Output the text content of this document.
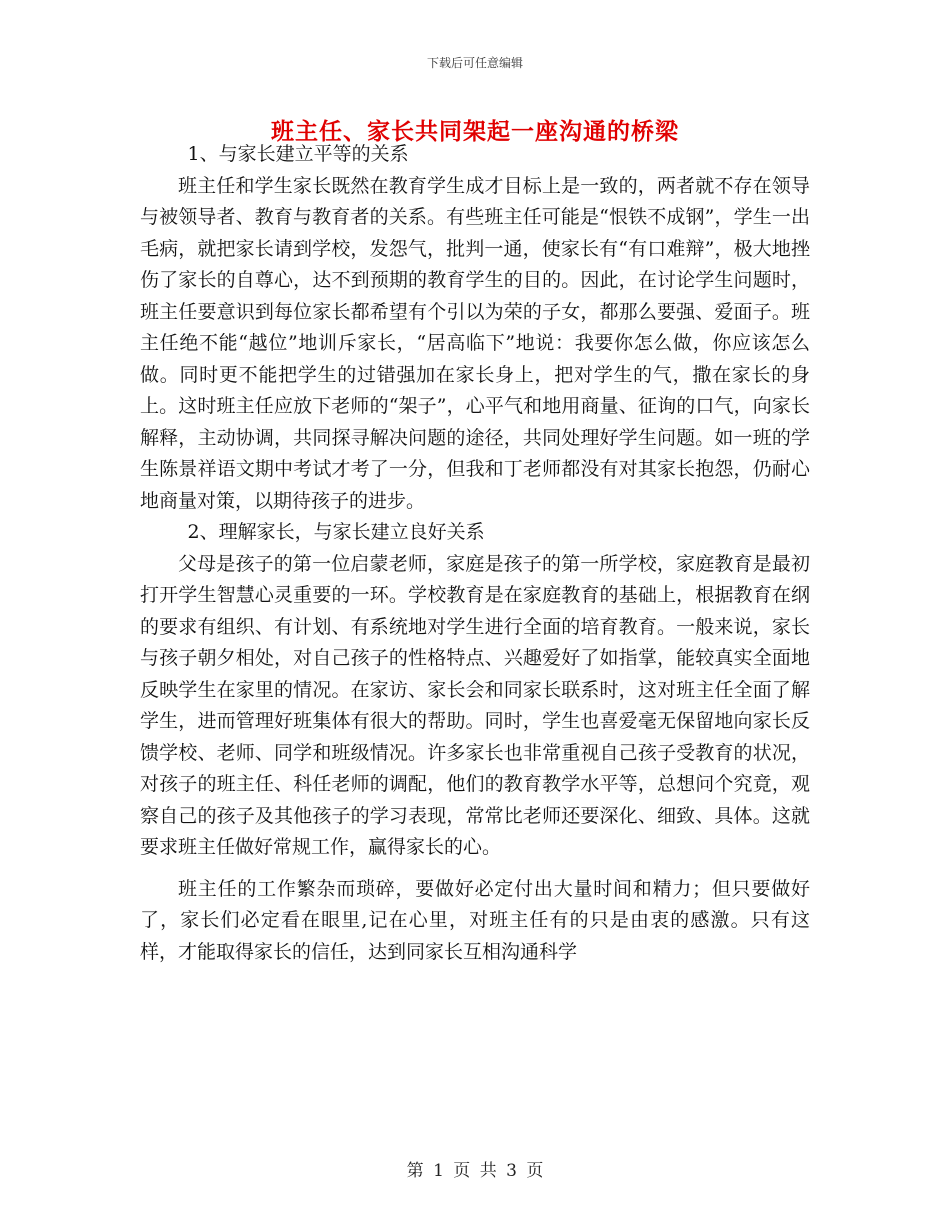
下载后可任意编辑
班主任、家长共同架起一座沟通的桥梁

1、与家长建立平等的关系

班主任和学生家长既然在教育学生成才目标上是一致的，两者就不存在领导与被领导者、教育与教育者的关系。有些班主任可能是“恨铁不成钢”，学生一出毛病，就把家长请到学校，发怨气，批判一通，使家长有“有口难辩”，极大地挫伤了家长的自尊心，达不到预期的教育学生的目的。因此，在讨论学生问题时，班主任要意识到每位家长都希望有个引以为荣的子女，都那么要强、爱面子。班主任绝不能“越位”地训斥家长，“居高临下”地说：我要你怎么做，你应该怎么做。同时更不能把学生的过错强加在家长身上，把对学生的气，撒在家长的身上。这时班主任应放下老师的“架子”，心平气和地用商量、征询的口气，向家长解释，主动协调，共同探寻解决问题的途径，共同处理好学生问题。如一班的学生陈景祥语文期中考试才考了一分，但我和丁老师都没有对其家长抱怨，仍耐心地商量对策，以期待孩子的进步。

2、理解家长，与家长建立良好关系

父母是孩子的第一位启蒙老师，家庭是孩子的第一所学校，家庭教育是最初打开学生智慧心灵重要的一环。学校教育是在家庭教育的基础上，根据教育在纲的要求有组织、有计划、有系统地对学生进行全面的培育教育。一般来说，家长与孩子朝夕相处，对自己孩子的性格特点、兴趣爱好了如指掌，能较真实全面地反映学生在家里的情况。在家访、家长会和同家长联系时，这对班主任全面了解学生，进而管理好班集体有很大的帮助。同时，学生也喜爱毫无保留地向家长反馈学校、老师、同学和班级情况。许多家长也非常重视自己孩子受教育的状况，对孩子的班主任、科任老师的调配，他们的教育教学水平等，总想问个究竟，观察自己的孩子及其他孩子的学习表现，常常比老师还要深化、细致、具体。这就要求班主任做好常规工作，赢得家长的心。

班主任的工作繁杂而琐碎，要做好必定付出大量时间和精力；但只要做好了，家长们必定看在眼里,记在心里，对班主任有的只是由衷的感激。只有这样，才能取得家长的信任，达到同家长互相沟通科学

第 1 页 共 3 页
